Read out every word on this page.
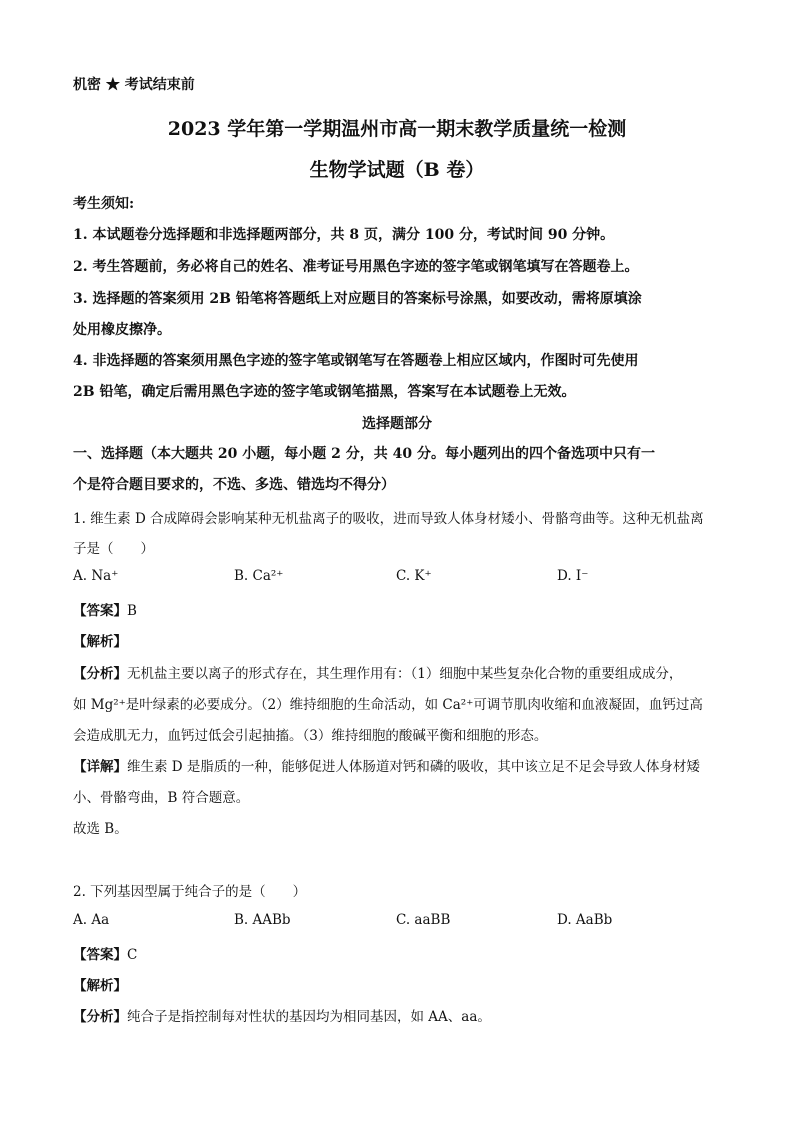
机密 ★ 考试结束前
2023 学年第一学期温州市高一期末教学质量统一检测
生物学试题（B 卷）
考生须知:
1. 本试题卷分选择题和非选择题两部分，共 8 页，满分 100 分，考试时间 90 分钟。
2. 考生答题前，务必将自己的姓名、准考证号用黑色字迹的签字笔或钢笔填写在答题卷上。
3. 选择题的答案须用 2B 铅笔将答题纸上对应题目的答案标号涂黑，如要改动，需将原填涂
处用橡皮擦净。
4. 非选择题的答案须用黑色字迹的签字笔或钢笔写在答题卷上相应区域内，作图时可先使用
2B 铅笔，确定后需用黑色字迹的签字笔或钢笔描黑，答案写在本试题卷上无效。
选择题部分
一、选择题（本大题共 20 小题，每小题 2 分，共 40 分。每小题列出的四个备选项中只有一
个是符合题目要求的，不选、多选、错选均不得分）
1. 维生素 D 合成障碍会影响某种无机盐离子的吸收，进而导致人体身材矮小、骨骼弯曲等。这种无机盐离
子是（　　）
A. Na⁺	B. Ca²⁺	C. K⁺	D. I⁻
【答案】B
【解析】
【分析】无机盐主要以离子的形式存在，其生理作用有：（1）细胞中某些复杂化合物的重要组成成分，
如 Mg²⁺是叶绿素的必要成分。（2）维持细胞的生命活动，如 Ca²⁺可调节肌肉收缩和血液凝固，血钙过高
会造成肌无力，血钙过低会引起抽搐。（3）维持细胞的酸碱平衡和细胞的形态。
【详解】维生素 D 是脂质的一种，能够促进人体肠道对钙和磷的吸收，其中该立足不足会导致人体身材矮
小、骨骼弯曲，B 符合题意。
故选 B。
2. 下列基因型属于纯合子的是（　　）
A. Aa	B. AABb	C. aaBB	D. AaBb
【答案】C
【解析】
【分析】纯合子是指控制每对性状的基因均为相同基因，如 AA、aa。
